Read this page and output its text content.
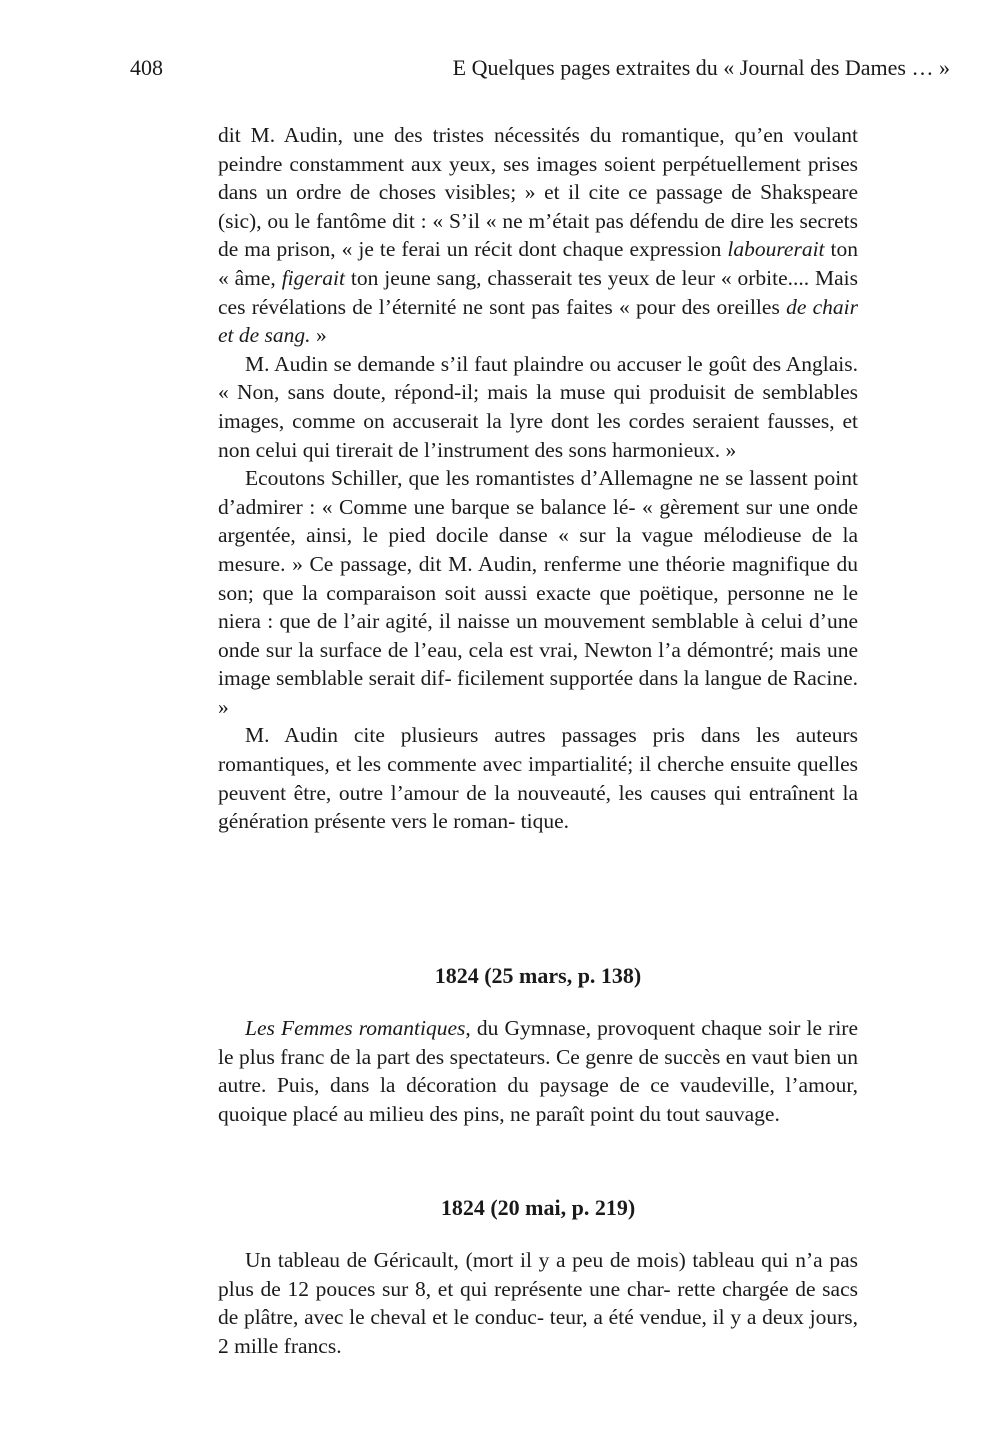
408	E Quelques pages extraites du « Journal des Dames … »

dit M. Audin, une des tristes nécessités du romantique, qu’en voulant peindre constamment aux yeux, ses images soient perpétuellement prises dans un ordre de choses visibles; » et il cite ce passage de Shakspeare (sic), ou le fantôme dit : « S’il « ne m’était pas défendu de dire les secrets de ma prison, « je te ferai un récit dont chaque expression labourerait ton « âme, figerait ton jeune sang, chasserait tes yeux de leur « orbite.... Mais ces révélations de l’éternité ne sont pas faites « pour des oreilles de chair et de sang. »

M. Audin se demande s’il faut plaindre ou accuser le goût des Anglais. « Non, sans doute, répond-il; mais la muse qui produisit de semblables images, comme on accuserait la lyre dont les cordes seraient fausses, et non celui qui tirerait de l’instrument des sons harmonieux. »

Ecoutons Schiller, que les romantistes d’Allemagne ne se lassent point d’admirer : « Comme une barque se balance lé- « gèrement sur une onde argentée, ainsi, le pied docile danse « sur la vague mélodieuse de la mesure. » Ce passage, dit M. Audin, renferme une théorie magnifique du son; que la comparaison soit aussi exacte que poëtique, personne ne le niera : que de l’air agité, il naisse un mouvement semblable à celui d’une onde sur la surface de l’eau, cela est vrai, Newton l’a démontré; mais une image semblable serait dif- ficilement supportée dans la langue de Racine. »

M. Audin cite plusieurs autres passages pris dans les auteurs romantiques, et les commente avec impartialité; il cherche ensuite quelles peuvent être, outre l’amour de la nouveauté, les causes qui entraînent la génération présente vers le roman- tique.

1824 (25 mars, p. 138)

Les Femmes romantiques, du Gymnase, provoquent chaque soir le rire le plus franc de la part des spectateurs. Ce genre de succès en vaut bien un autre. Puis, dans la décoration du paysage de ce vaudeville, l’amour, quoique placé au milieu des pins, ne paraît point du tout sauvage.

1824 (20 mai, p. 219)

Un tableau de Géricault, (mort il y a peu de mois) tableau qui n’a pas plus de 12 pouces sur 8, et qui représente une char- rette chargée de sacs de plâtre, avec le cheval et le conduc- teur, a été vendue, il y a deux jours, 2 mille francs.
